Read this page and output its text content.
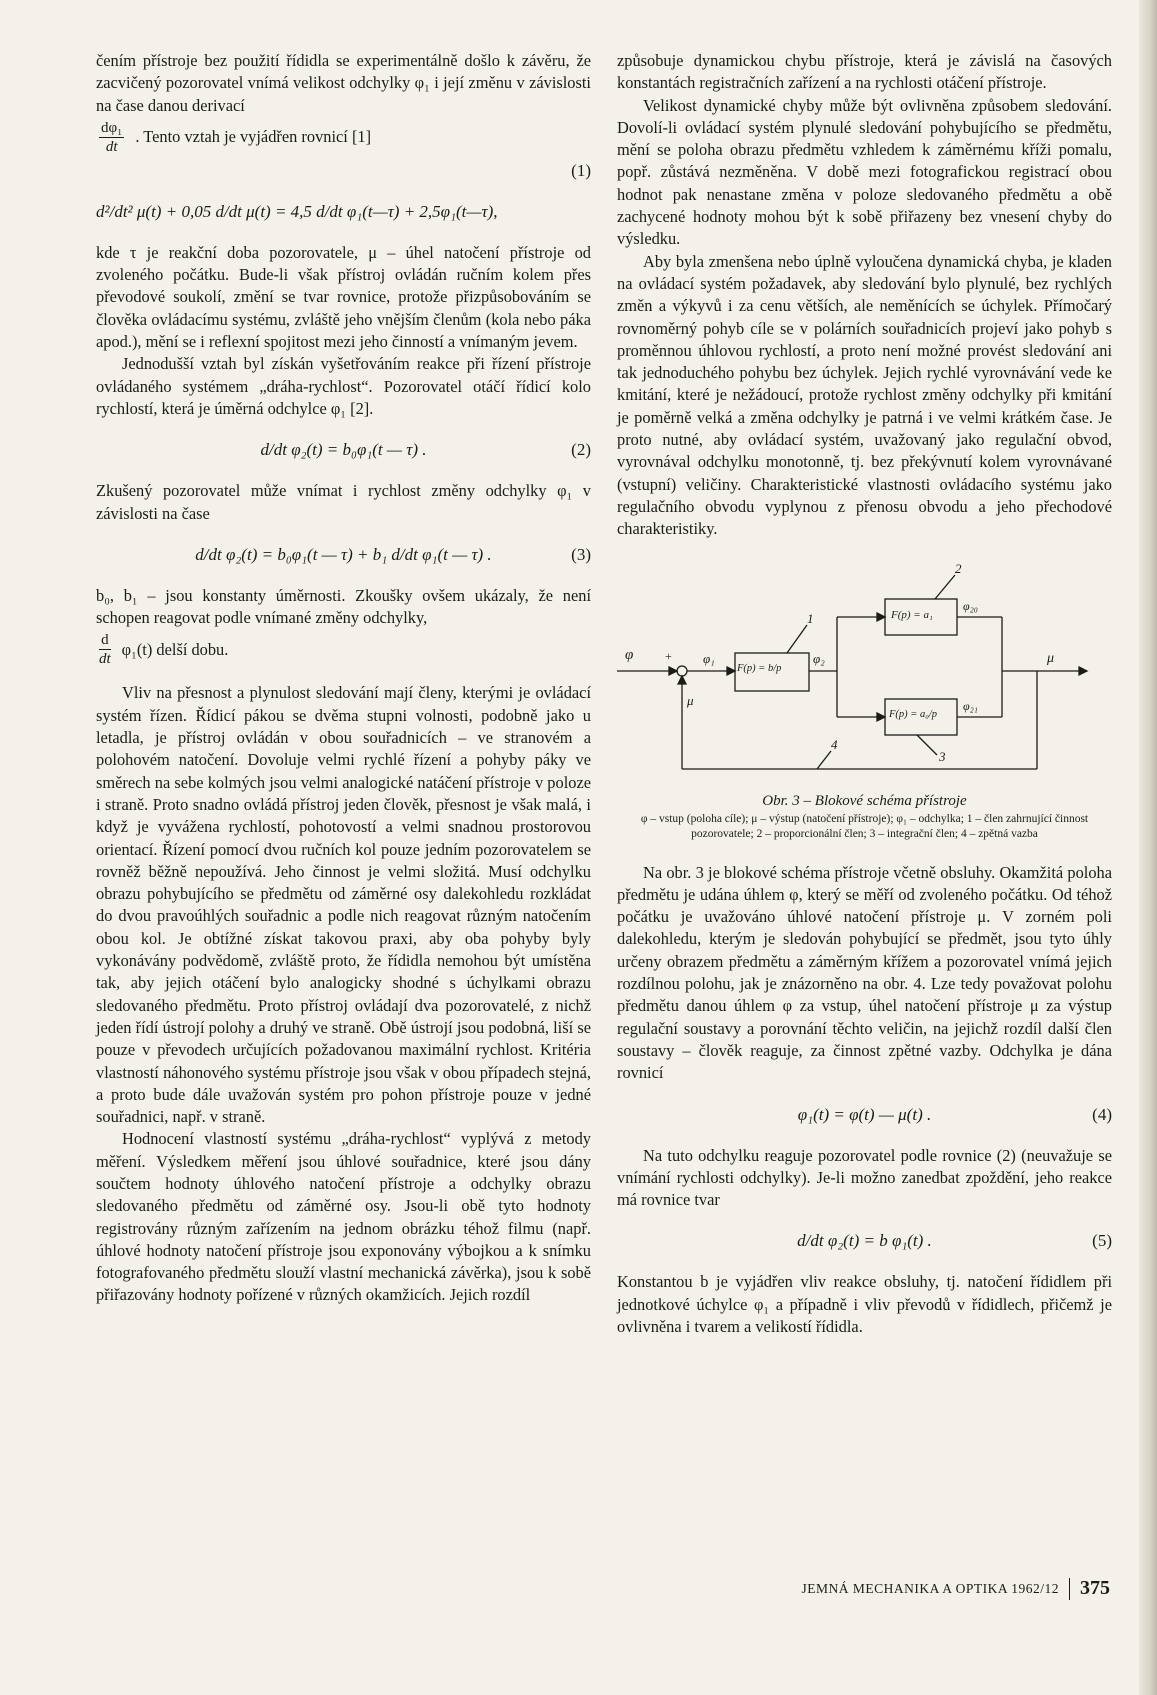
čením přístroje bez použití řídidla se experimentálně došlo k závěru, že zacvičený pozorovatel vnímá velikost odchylky φ₁ i její změnu v závislosti na čase danou derivací

$\frac{\text{dφ₁}}{dt}$ . Tento vztah je vyjádřen rovnicí [1]
(1)
d²/dt² μ(t) + 0,05 d/dt μ(t) = 4,5 d/dt φ₁(t—τ) + 2,5φ₁(t—τ),

kde τ je reakční doba pozorovatele, μ – úhel natočení přístroje od zvoleného počátku. Bude-li však přístroj ovládán ručním kolem přes převodové soukolí, změní se tvar rovnice, protože přizpůsobováním se člověka ovládacímu systému, zvláště jeho vnějším členům (kola nebo páka apod.), mění se i reflexní spojitost mezi jeho činností a vnímaným jevem.

Jednodušší vztah byl získán vyšetřováním reakce při řízení přístroje ovládaného systémem „dráha-rychlost“. Pozorovatel otáčí řídicí kolo rychlostí, která je úměrná odchylce φ₁ [2].

d/dt φ₂(t) = b₀φ₁(t — τ) .	(2)

Zkušený pozorovatel může vnímat i rychlost změny odchylky φ₁ v závislosti na čase

d/dt φ₂(t) = b₀φ₁(t — τ) + b₁ d/dt φ₁(t — τ) .	(3)

b₀, b₁ – jsou konstanty úměrnosti. Zkoušky ovšem ukázaly, že není schopen reagovat podle vnímané změny odchylky,

$\frac{d}{dt} \varphi_1(t)$ delší dobu.

Vliv na přesnost a plynulost sledování mají členy, kterými je ovládací systém řízen. Řídicí pákou se dvěma stupni volnosti, podobně jako u letadla, je přístroj ovládán v obou souřadnicích – ve stranovém a polohovém natočení. Dovoluje velmi rychlé řízení a pohyby páky ve směrech na sebe kolmých jsou velmi analogické natáčení přístroje v poloze i straně. Proto snadno ovládá přístroj jeden člověk, přesnost je však malá, i když je vyvážena rychlostí, pohotovostí a velmi snadnou prostorovou orientací. Řízení pomocí dvou ručních kol pouze jedním pozorovatelem se rovněž běžně nepoužívá. Jeho činnost je velmi složitá. Musí odchylku obrazu pohybujícího se předmětu od záměrné osy dalekohledu rozkládat do dvou pravoúhlých souřadnic a podle nich reagovat různým natočením obou kol. Je obtížné získat takovou praxi, aby oba pohyby byly vykonávány podvědomě, zvláště proto, že řídidla nemohou být umístěna tak, aby jejich otáčení bylo analogicky shodné s úchylkami obrazu sledovaného předmětu. Proto přístroj ovládají dva pozorovatelé, z nichž jeden řídí ústrojí polohy a druhý ve straně. Obě ústrojí jsou podobná, liší se pouze v převodech určujících požadovanou maximální rychlost. Kritéria vlastností náhonového systému přístroje jsou však v obou případech stejná, a proto bude dále uvažován systém pro pohon přístroje pouze v jedné souřadnici, např. v straně.

Hodnocení vlastností systému „dráha-rychlost“ vyplývá z metody měření. Výsledkem měření jsou úhlové souřadnice, které jsou dány součtem hodnoty úhlového natočení přístroje a odchylky obrazu sledovaného předmětu od záměrné osy. Jsou-li obě tyto hodnoty registrovány různým zařízením na jednom obrázku téhož filmu (např. úhlové hodnoty natočení přístroje jsou exponovány výbojkou a k snímku fotografovaného předmětu slouží vlastní mechanická závěrka), jsou k sobě přiřazovány hodnoty pořízené v různých okamžicích. Jejich rozdíl

způsobuje dynamickou chybu přístroje, která je závislá na časových konstantách registračních zařízení a na rychlosti otáčení přístroje.

Velikost dynamické chyby může být ovlivněna způsobem sledování. Dovolí-li ovládací systém plynulé sledování pohybujícího se předmětu, mění se poloha obrazu předmětu vzhledem k záměrnému kříži pomalu, popř. zůstává nezměněna. V době mezi fotografickou registrací obou hodnot pak nenastane změna v poloze sledovaného předmětu a obě zachycené hodnoty mohou být k sobě přiřazeny bez vnesení chyby do výsledku.

Aby byla zmenšena nebo úplně vyloučena dynamická chyba, je kladen na ovládací systém požadavek, aby sledování bylo plynulé, bez rychlých změn a výkyvů i za cenu větších, ale neměnících se úchylek. Přímočarý rovnoměrný pohyb cíle se v polárních souřadnicích projeví jako pohyb s proměnnou úhlovou rychlostí, a proto není možné provést sledování ani tak jednoduchého pohybu bez úchylek. Jejich rychlé vyrovnávání vede ke kmitání, které je nežádoucí, protože rychlost změny odchylky při kmitání je poměrně velká a změna odchylky je patrná i ve velmi krátkém čase. Je proto nutné, aby ovládací systém, uvažovaný jako regulační obvod, vyrovnával odchylku monotonně, tj. bez překývnutí kolem vyrovnávané (vstupní) veličiny. Charakteristické vlastnosti ovládacího systému jako regulačního obvodu vyplynou z přenosu obvodu a jeho přechodové charakteristiky.

φ	+ φ₁
μ
F(p) = b/p
φ₂
F(p) = a₁
F(p) = a₀/p
φ₂₀
φ₂₁
μ
1
2
3
4
Obr. 3 – Blokové schéma přístroje
φ – vstup (poloha cíle); μ – výstup (natočení přístroje); φ₁ – odchylka; 1 – člen zahrnující činnost pozorovatele; 2 – proporcionální člen; 3 – integrační člen; 4 – zpětná vazba

Na obr. 3 je blokové schéma přístroje včetně obsluhy. Okamžitá poloha předmětu je udána úhlem φ, který se měří od zvoleného počátku. Od téhož počátku je uvažováno úhlové natočení přístroje μ. V zorném poli dalekohledu, kterým je sledován pohybující se předmět, jsou tyto úhly určeny obrazem předmětu a záměrným křížem a pozorovatel vnímá jejich rozdílnou polohu, jak je znázorněno na obr. 4. Lze tedy považovat polohu předmětu danou úhlem φ za vstup, úhel natočení přístroje μ za výstup regulační soustavy a porovnání těchto veličin, na jejichž rozdíl další člen soustavy – člověk reaguje, za činnost zpětné vazby. Odchylka je dána rovnicí

φ₁(t) = φ(t) — μ(t) .	(4)

Na tuto odchylku reaguje pozorovatel podle rovnice (2) (neuvažuje se vnímání rychlosti odchylky). Je-li možno zanedbat zpoždění, jeho reakce má rovnice tvar

d/dt φ₂(t) = b φ₁(t) .	(5)

Konstantou b je vyjádřen vliv reakce obsluhy, tj. natočení řídidlem při jednotkové úchylce φ₁ a případně i vliv převodů v řídidlech, přičemž je ovlivněna i tvarem a velikostí řídidla.

JEMNÁ MECHANIKA A OPTIKA 1962/12 375
